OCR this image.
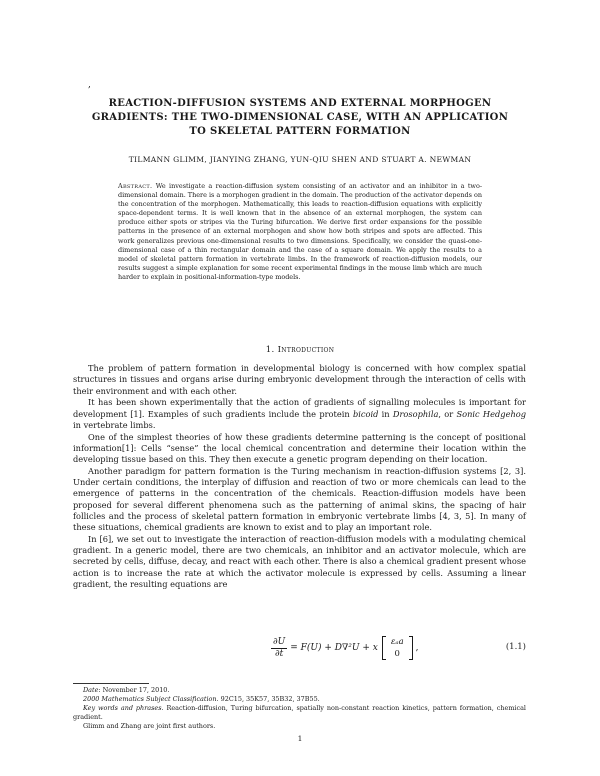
,
REACTION-DIFFUSION SYSTEMS AND EXTERNAL MORPHOGEN GRADIENTS: THE TWO-DIMENSIONAL CASE, WITH AN APPLICATION TO SKELETAL PATTERN FORMATION
TILMANN GLIMM, JIANYING ZHANG, YUN-QIU SHEN AND STUART A. NEWMAN
Abstract. We investigate a reaction-diffusion system consisting of an activator and an inhibitor in a two-dimensional domain. There is a morphogen gradient in the domain. The production of the activator depends on the concentration of the morphogen. Mathematically, this leads to reaction-diffusion equations with explicitly space-dependent terms. It is well known that in the absence of an external morphogen, the system can produce either spots or stripes via the Turing bifurcation. We derive first order expansions for the possible patterns in the presence of an external morphogen and show how both stripes and spots are affected. This work generalizes previous one-dimensional results to two dimensions. Specifically, we consider the quasi-one-dimensional case of a thin rectangular domain and the case of a square domain. We apply the results to a model of skeletal pattern formation in vertebrate limbs. In the framework of reaction-diffusion models, our results suggest a simple explanation for some recent experimental findings in the mouse limb which are much harder to explain in positional-information-type models.
1. Introduction

The problem of pattern formation in developmental biology is concerned with how complex spatial structures in tissues and organs arise during embryonic development through the interaction of cells with their environment and with each other.

It has been shown experimentally that the action of gradients of signalling molecules is important for development [1]. Examples of such gradients include the protein bicoid in Drosophila, or Sonic Hedgehog in vertebrate limbs.

One of the simplest theories of how these gradients determine patterning is the concept of positional information[1]: Cells “sense” the local chemical concentration and determine their location within the developing tissue based on this. They then execute a genetic program depending on their location.

Another paradigm for pattern formation is the Turing mechanism in reaction-diffusion systems [2, 3]. Under certain conditions, the interplay of diffusion and reaction of two or more chemicals can lead to the emergence of patterns in the concentration of the chemicals. Reaction-diffusion models have been proposed for several different phenomena such as the patterning of animal skins, the spacing of hair follicles and the process of skeletal pattern formation in embryonic vertebrate limbs [4, 3, 5]. In many of these situations, chemical gradients are known to exist and to play an important role.

In [6], we set out to investigate the interaction of reaction-diffusion models with a modulating chemical gradient. In a generic model, there are two chemicals, an inhibitor and an activator molecule, which are secreted by cells, diffuse, decay, and react with each other. There is also a chemical gradient present whose action is to increase the rate at which the activator molecule is expressed by cells. Assuming a linear gradient, the resulting equations are

$\frac{\partial U}{\partial t} = F(U) + D\nabla^2U + x$
εₐa
0
,	(1.1)

Date: November 17, 2010.

2000 Mathematics Subject Classification. 92C15, 35K57, 35B32, 37B55.

Key words and phrases. Reaction-diffusion, Turing bifurcation, spatially non-constant reaction kinetics, pattern formation, chemical gradient.

Glimm and Zhang are joint first authors.

1
